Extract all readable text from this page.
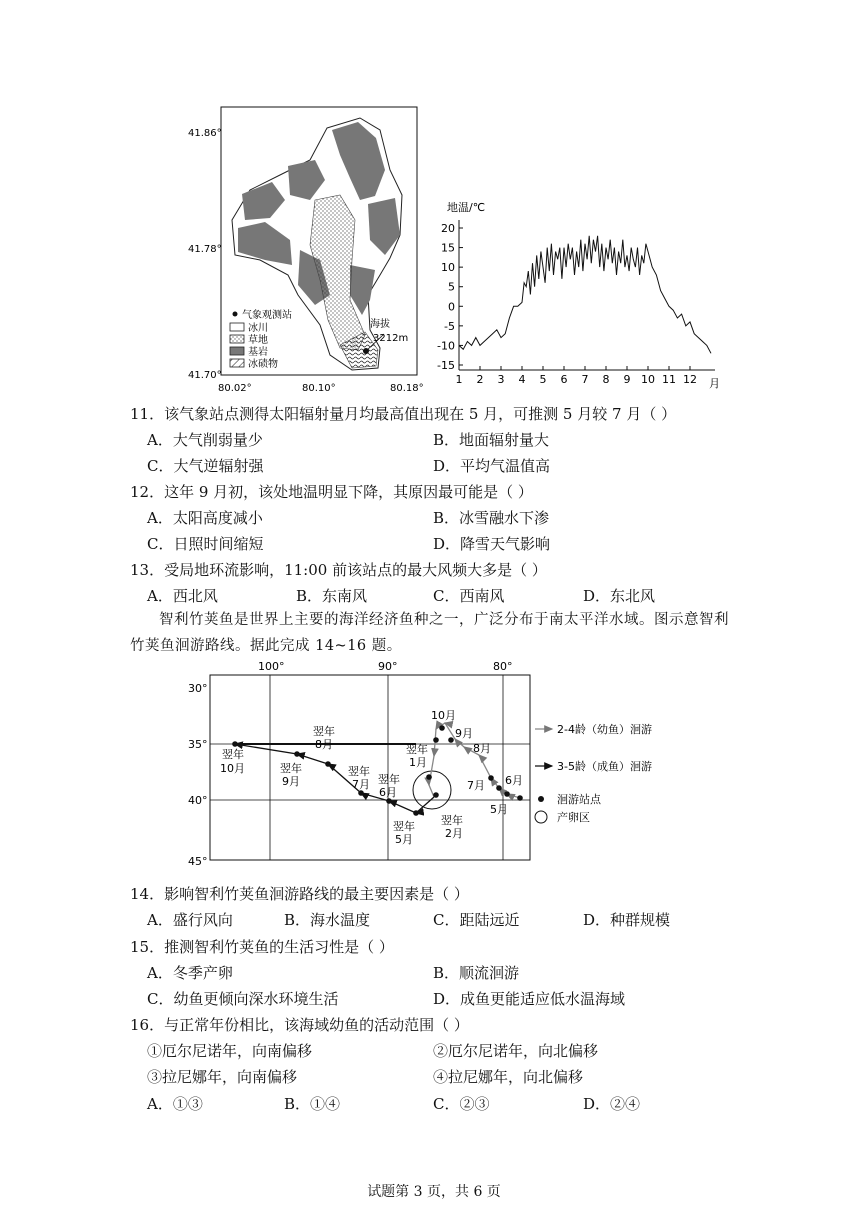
海拔
3212m
41.86°
41.78°
41.70°
80.02°	80.10°	80.18°
气象观测站
冰川
草地
基岩
冰碛物
地温/℃
20
15
10
5
0
-5
-10
-15
1 2 3 4 5 6 7 8 9 10 11 12 月
11．该气象站点测得太阳辐射量月均最高值出现在 5 月，可推测 5 月较 7 月（ ）
A．大气削弱量少	B．地面辐射量大
C．大气逆辐射强	D．平均气温值高
12．这年 9 月初，该处地温明显下降，其原因最可能是（ ）
A．太阳高度减小	B．冰雪融水下渗
C．日照时间缩短	D．降雪天气影响
13．受局地环流影响，11:00 前该站点的最大风频大多是（ ）
A．西北风	B．东南风	C．西南风	D．东北风
智利竹荚鱼是世界上主要的海洋经济鱼种之一，广泛分布于南太平洋水域。图示意智利竹荚鱼洄游路线。据此完成 14~16 题。
100°	90°	80°
30°
35°
40°
45°
6月
5月
7月
8月
9月
10月
翌年
1月
翌年
2月
翌年
5月
翌年
6月
翌年
7月
翌年
8月
翌年
9月
翌年
10月
2-4龄（幼鱼）洄游
3-5龄（成鱼）洄游
洄游站点
产卵区
14．影响智利竹荚鱼洄游路线的最主要因素是（ ）
A．盛行风向	B．海水温度	C．距陆远近	D．种群规模
15．推测智利竹荚鱼的生活习性是（ ）
A．冬季产卵	B．顺流洄游
C．幼鱼更倾向深水环境生活	D．成鱼更能适应低水温海域
16．与正常年份相比，该海域幼鱼的活动范围（ ）
①厄尔尼诺年，向南偏移	②厄尔尼诺年，向北偏移
③拉尼娜年，向南偏移	④拉尼娜年，向北偏移
A．①③	B．①④	C．②③	D．②④
试题第 3 页，共 6 页
